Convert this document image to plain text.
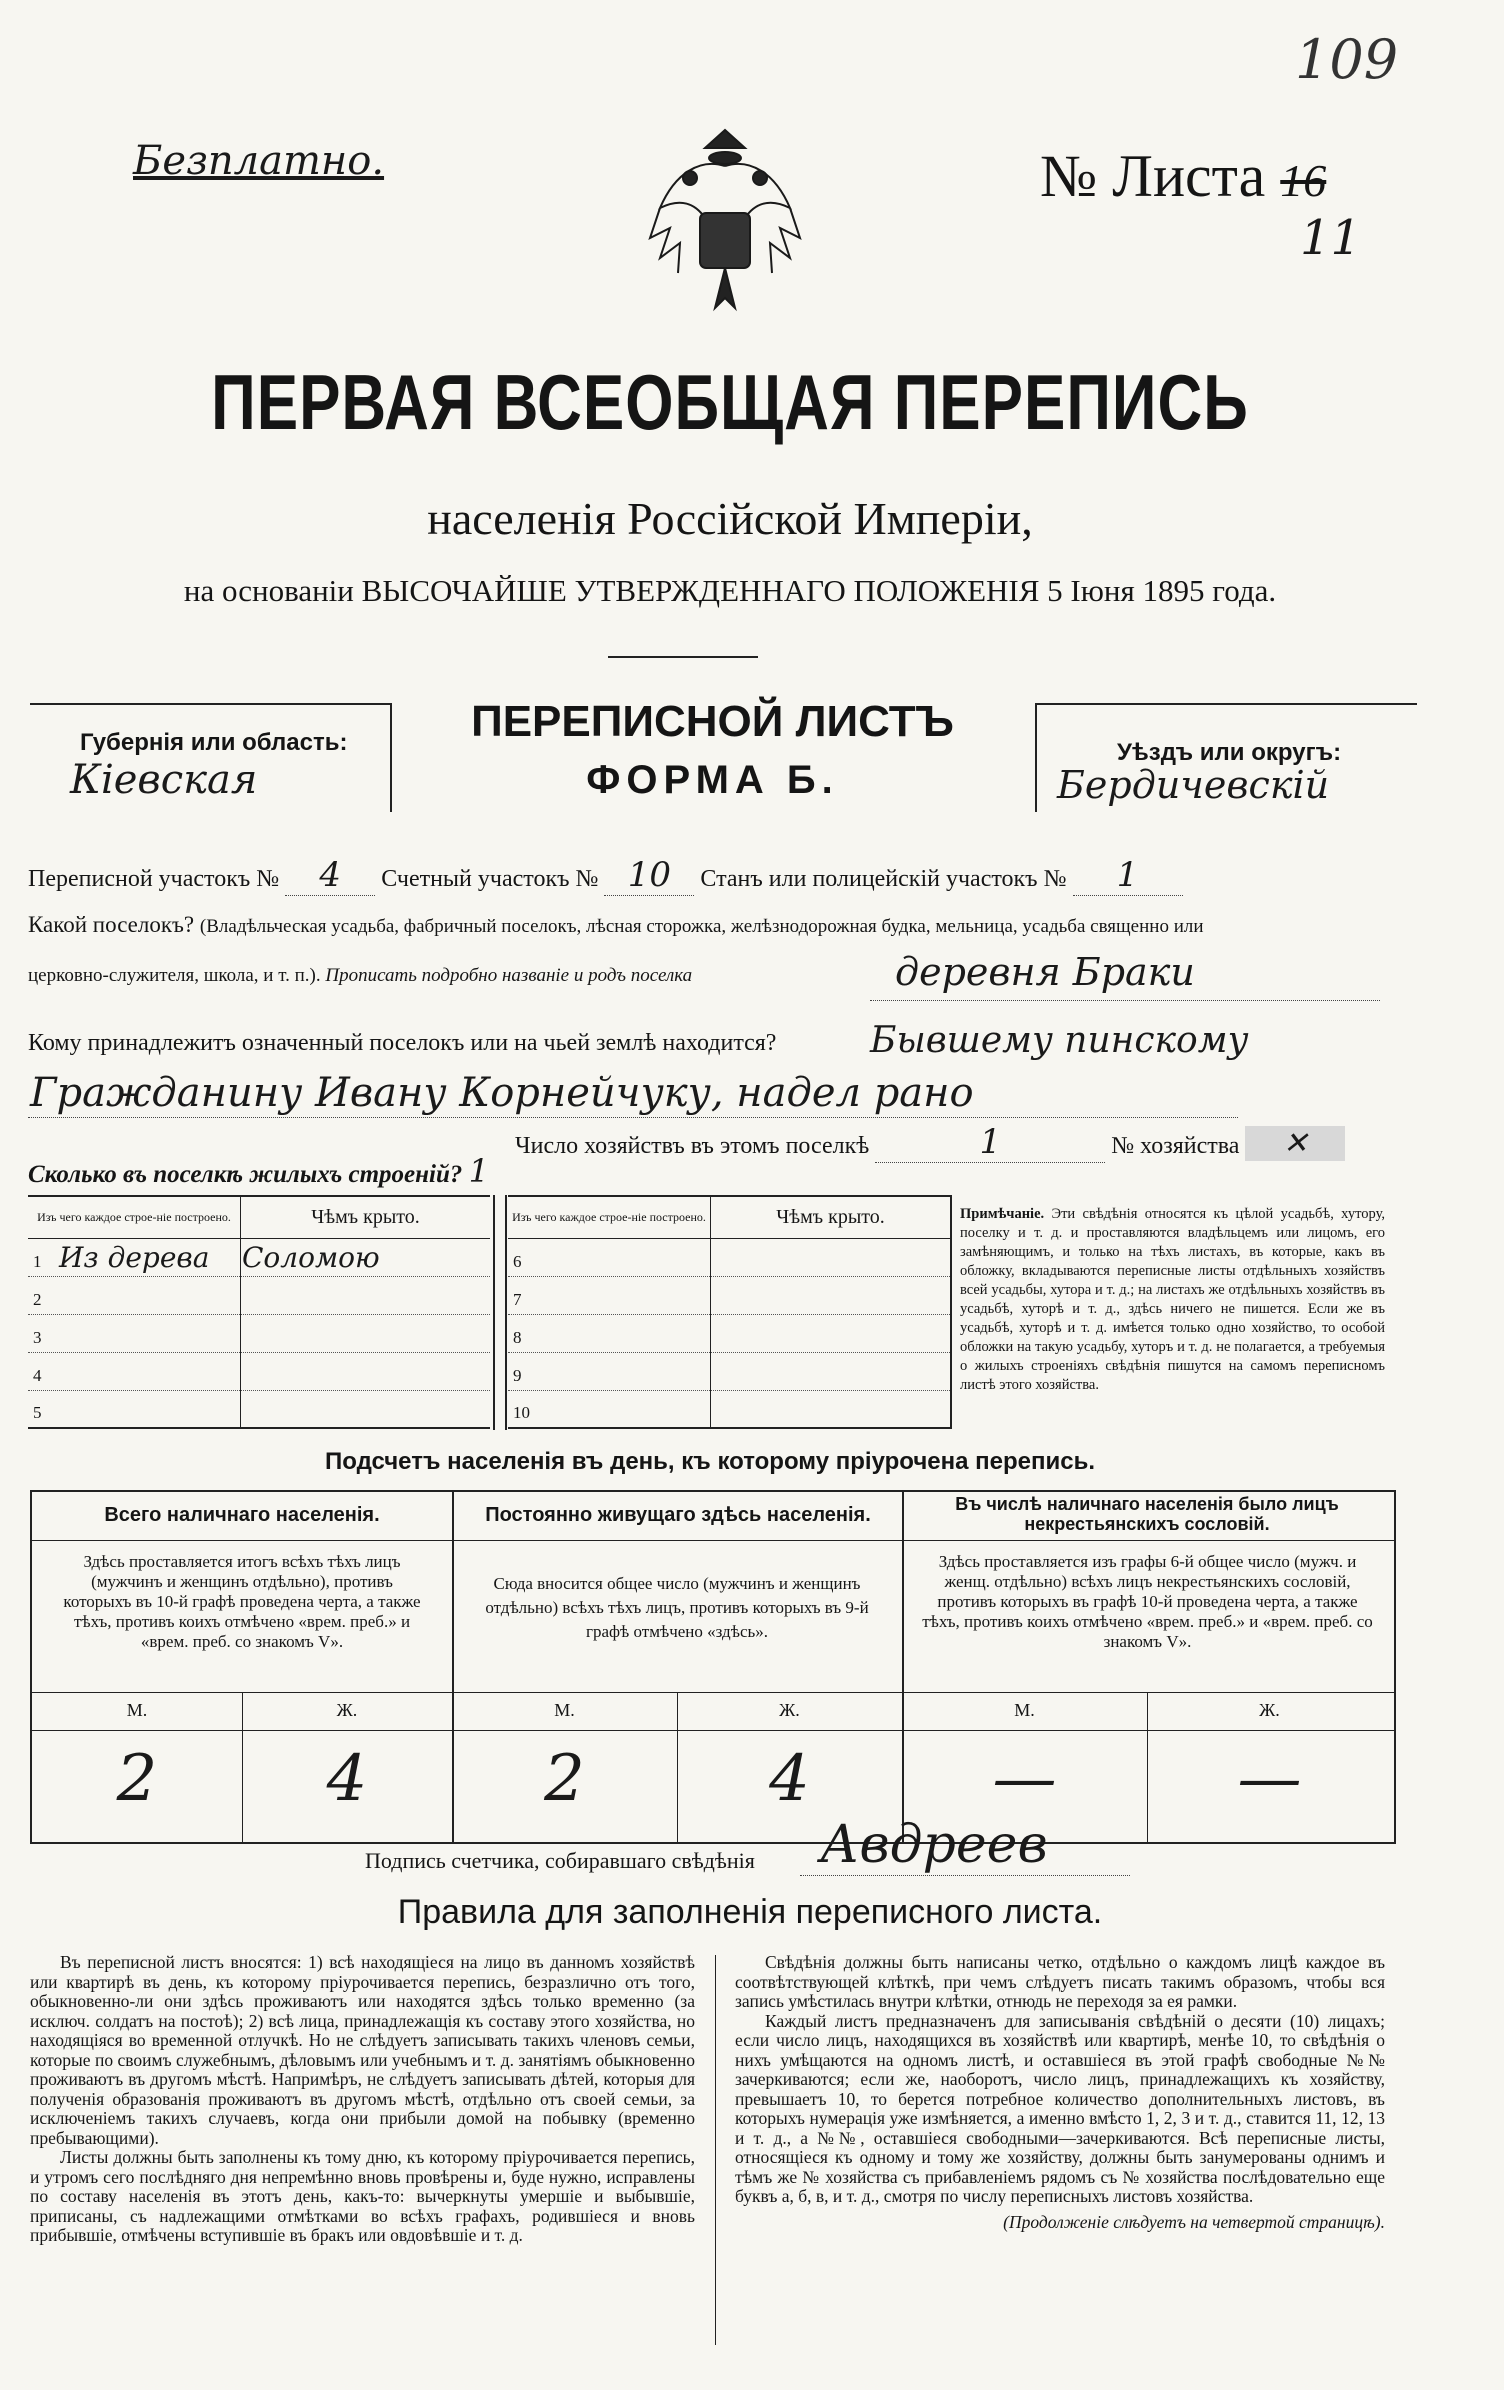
Безплатно.	№ Листа 16
11
109
ПЕРВАЯ ВСЕОБЩАЯ ПЕРЕПИСЬ
населенія Россійской Имперіи,
на основаніи ВЫСОЧАЙШЕ УТВЕРЖДЕННАГО ПОЛОЖЕНІЯ 5 Іюня 1895 года.
Губернія или область:
Кіевская
ПЕРЕПИСНОЙ ЛИСТЪ
ФОРМА Б.
Уѣздъ или округъ:
Бердичевскій
Переписной участокъ № 4 Счетный участокъ № 10 Станъ или полицейскій участокъ № 1
Какой поселокъ? (Владѣльческая усадьба, фабричный поселокъ, лѣсная сторожка, желѣзнодорожная будка, мельница, усадьба священно или
церковно-служителя, школа, и т. п.). Прописать подробно названіе и родъ поселка	деревня Браки
Кому принадлежитъ означенный поселокъ или на чьей землѣ находится?	Бывшему пинскому
Гражданину Ивану Корнейчуку, надел рано
Число хозяйствъ въ этомъ поселкѣ	1	№ хозяйства ✕
Сколько въ поселкѣ жилыхъ строеній? 1
Изъ чего каждое строе-ніе построено.	Чѣмъ крыто.
1 Из дерева	Соломою
2	
3	
4	
5	
Изъ чего каждое строе-ніе построено.	Чѣмъ крыто.
6	
7	
8	
9	
10	
Примѣчаніе. Эти свѣдѣнія относятся къ цѣлой усадьбѣ, хутору, поселку и т. д. и проставляются владѣльцемъ или лицомъ, его замѣняющимъ, и только на тѣхъ листахъ, въ которые, какъ въ обложку, вкладываются переписные листы отдѣльныхъ хозяйствъ всей усадьбы, хутора и т. д.; на листахъ же отдѣльныхъ хозяйствъ въ усадьбѣ, хуторѣ и т. д., здѣсь ничего не пишется. Если же въ усадьбѣ, хуторѣ и т. д. имѣется только одно хозяйство, то особой обложки на такую усадьбу, хуторъ и т. д. не полагается, а требуемыя о жилыхъ строеніяхъ свѣдѣнія пишутся на самомъ переписномъ листѣ этого хозяйства.
Подсчетъ населенія въ день, къ которому пріурочена перепись.
Всего наличнаго населенія.	Постоянно живущаго здѣсь населенія.	Въ числѣ наличнаго населенія было лицъ некрестьянскихъ сословій.
Здѣсь проставляется итогъ всѣхъ тѣхъ лицъ (мужчинъ и женщинъ отдѣльно), противъ которыхъ въ 10-й графѣ проведена черта, а также тѣхъ, противъ коихъ отмѣчено «врем. преб.» и «врем. преб. со знакомъ V».
Сюда вносится общее число (мужчинъ и женщинъ отдѣльно) всѣхъ тѣхъ лицъ, противъ которыхъ въ 9-й графѣ отмѣчено «здѣсь».
Здѣсь проставляется изъ графы 6-й общее число (мужч. и женщ. отдѣльно) всѣхъ лицъ некрестьянскихъ сословій, противъ которыхъ въ графѣ 10-й проведена черта, а также тѣхъ, противъ коихъ отмѣчено «врем. преб.» и «врем. преб. со знакомъ V».
М.	Ж.	М.	Ж.	М.	Ж.
2	4	2	4	—	—
Подпись счетчика, собиравшаго свѣдѣнія Авдреев
Правила для заполненія переписного листа.
Въ переписной листъ вносятся: 1) всѣ находящіеся на лицо въ данномъ хозяйствѣ или квартирѣ въ день, къ которому пріурочивается перепись, безразлично отъ того, обыкновенно-ли они здѣсь проживаютъ или находятся здѣсь только временно (за исключ. солдатъ на постоѣ); 2) всѣ лица, принадлежащія къ составу этого хозяйства, но находящіяся во временной отлучкѣ. Но не слѣдуетъ записывать такихъ членовъ семьи, которые по своимъ служебнымъ, дѣловымъ или учебнымъ и т. д. занятіямъ обыкновенно проживаютъ въ другомъ мѣстѣ. Напримѣръ, не слѣдуетъ записывать дѣтей, которыя для полученія образованія проживаютъ въ другомъ мѣстѣ, отдѣльно отъ своей семьи, за исключеніемъ такихъ случаевъ, когда они прибыли домой на побывку (временно пребывающими).
Листы должны быть заполнены къ тому дню, къ которому пріурочивается перепись, и утромъ сего послѣдняго дня непремѣнно вновь провѣрены и, буде нужно, исправлены по составу населенія въ этотъ день, какъ-то: вычеркнуты умершіе и выбывшіе, приписаны, съ надлежащими отмѣтками во всѣхъ графахъ, родившіеся и вновь прибывшіе, отмѣчены вступившіе въ бракъ или овдовѣвшіе и т. д.
Свѣдѣнія должны быть написаны четко, отдѣльно о каждомъ лицѣ каждое въ соотвѣтствующей клѣткѣ, при чемъ слѣдуетъ писать такимъ образомъ, чтобы вся запись умѣстилась внутри клѣтки, отнюдь не переходя за ея рамки.
Каждый листъ предназначенъ для записыванія свѣдѣній о десяти (10) лицахъ; если число лицъ, находящихся въ хозяйствѣ или квартирѣ, менѣе 10, то свѣдѣнія о нихъ умѣщаются на одномъ листѣ, и оставшіеся въ этой графѣ свободные №№ зачеркиваются; если же, наоборотъ, число лицъ, принадлежащихъ къ хозяйству, превышаетъ 10, то берется потребное количество дополнительныхъ листовъ, въ которыхъ нумерація уже измѣняется, а именно вмѣсто 1, 2, 3 и т. д., ставится 11, 12, 13 и т. д., а №№, оставшіеся свободными—зачеркиваются. Всѣ переписные листы, относящіеся къ одному и тому же хозяйству, должны быть занумерованы однимъ и тѣмъ же № хозяйства съ прибавленіемъ рядомъ съ № хозяйства послѣдовательно еще буквъ а, б, в, и т. д., смотря по числу переписныхъ листовъ хозяйства.
(Продолженіе слѣдуетъ на четвертой страницѣ).
